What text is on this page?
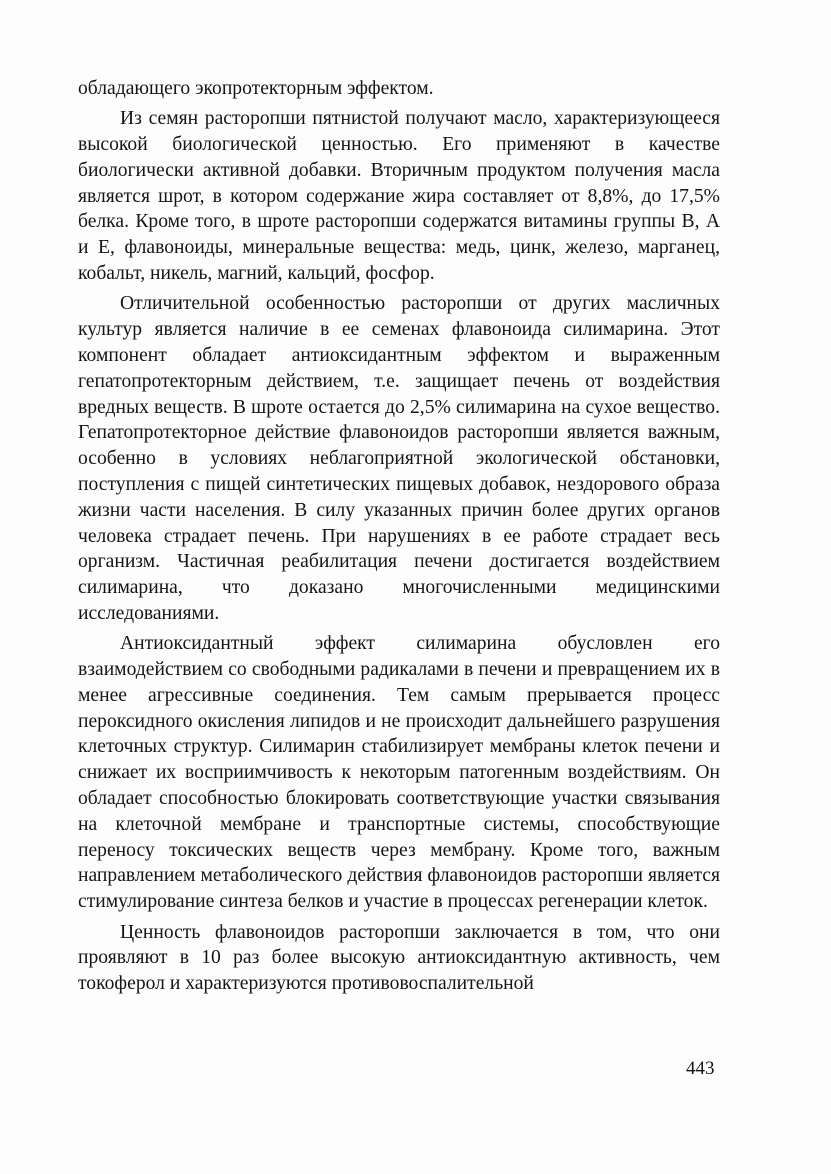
обладающего экопротекторным эффектом.

Из семян расторопши пятнистой получают масло, характеризующееся высокой биологической ценностью. Его применяют в качестве биологически активной добавки. Вторичным продуктом получения масла является шрот, в котором содержание жира составляет от 8,8%, до 17,5% белка. Кроме того, в шроте расторопши содержатся витамины группы В, А и Е, флавоноиды, минеральные вещества: медь, цинк, железо, марганец, кобальт, никель, магний, кальций, фосфор.

Отличительной особенностью расторопши от других масличных культур является наличие в ее семенах флавоноида силимарина. Этот компонент обладает антиоксидантным эффектом и выраженным гепатопротекторным действием, т.е. защищает печень от воздействия вредных веществ. В шроте остается до 2,5% силимарина на сухое вещество. Гепатопротекторное действие флавоноидов расторопши является важным, особенно в условиях неблагоприятной экологической обстановки, поступления с пищей синтетических пищевых добавок, нездорового образа жизни части населения. В силу указанных причин более других органов человека страдает печень. При нарушениях в ее работе страдает весь организм. Частичная реабилитация печени достигается воздействием силимарина, что доказано многочисленными медицинскими исследованиями.

Антиоксидантный эффект силимарина обусловлен его взаимодействием со свободными радикалами в печени и превращением их в менее агрессивные соединения. Тем самым прерывается процесс пероксидного окисления липидов и не происходит дальнейшего разрушения клеточных структур. Силимарин стабилизирует мембраны клеток печени и снижает их восприимчивость к некоторым патогенным воздействиям. Он обладает способностью блокировать соответствующие участки связывания на клеточной мембране и транспортные системы, способствующие переносу токсических веществ через мембрану. Кроме того, важным направлением метаболического действия флавоноидов расторопши является стимулирование синтеза белков и участие в процессах регенерации клеток.

Ценность флавоноидов расторопши заключается в том, что они проявляют в 10 раз более высокую антиоксидантную активность, чем токоферол и характеризуются противовоспалительной

443
